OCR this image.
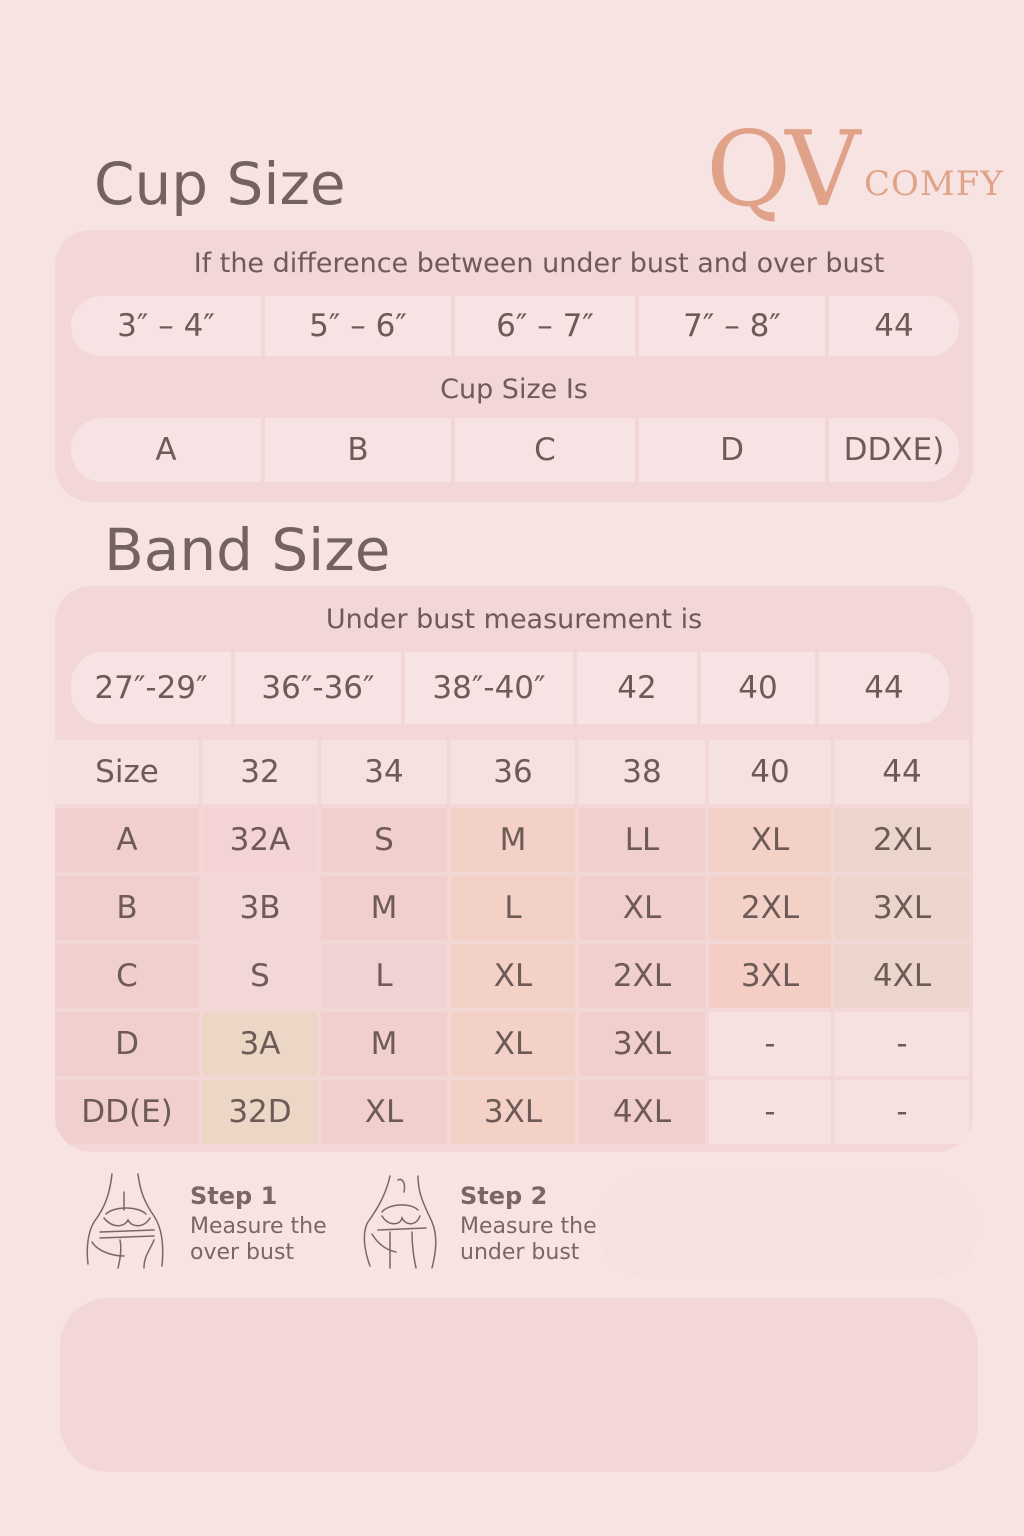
Cup Size	QV COMFY
If the difference between under bust and over bust
3″ – 4″	5″ – 6″	6″ – 7″	7″ – 8″	44
Cup Size Is
A	B	C	D	DDXE)
Band Size
Under bust measurement is
27″-29″	36″-36″	38″-40″	42	40	44
Size	32	34	36	38	40	44
A	32A	S	M	LL	XL	2XL
B	3B	M	L	XL	2XL	3XL
C	S	L	XL	2XL	3XL	4XL
D	3A	M	XL	3XL	-	-
DD(E)	32D	XL	3XL	4XL	-	-
Step 1
Measure the
over bust
Step 2
Measure the
under bust
